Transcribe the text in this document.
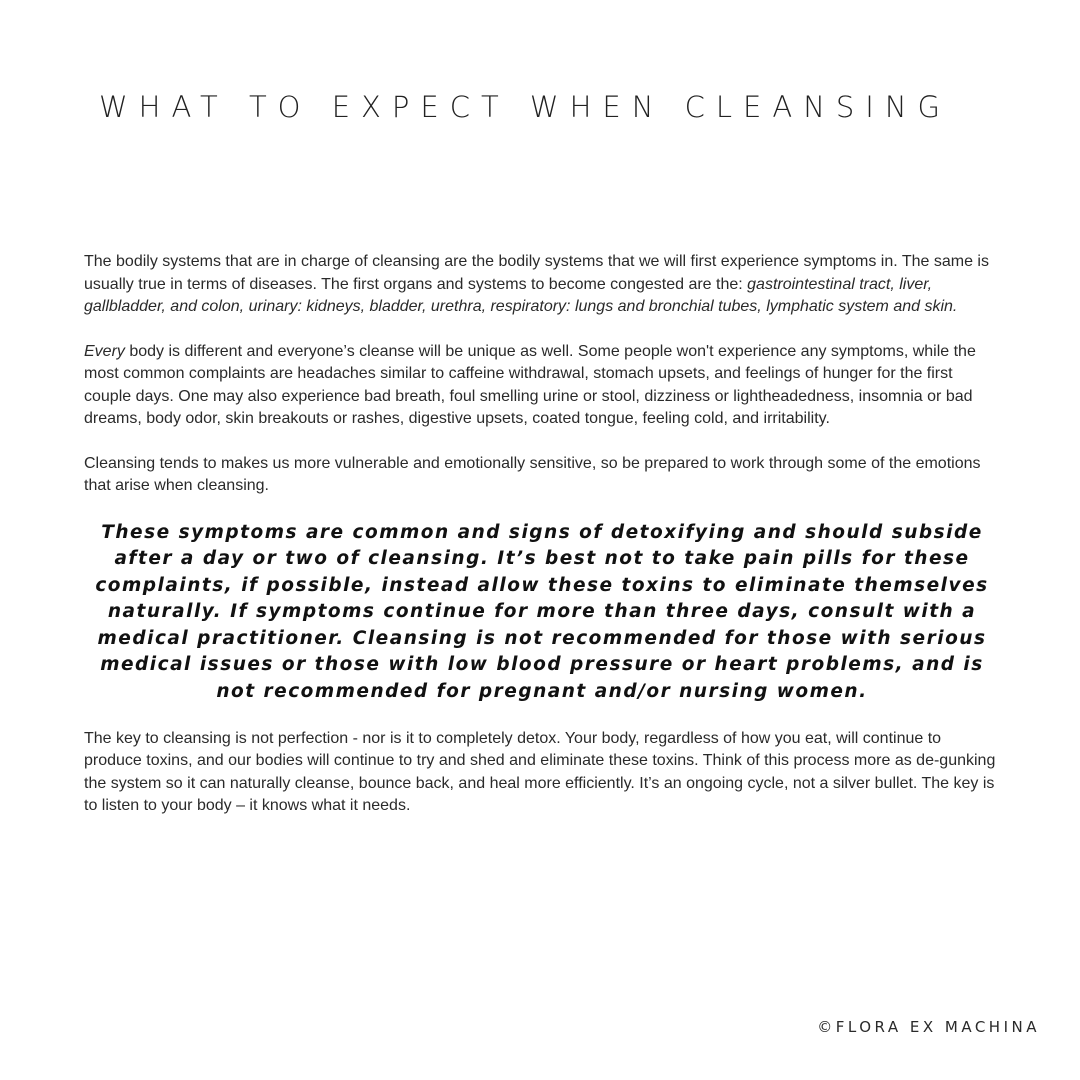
WHAT TO EXPECT WHEN CLEANSING

The bodily systems that are in charge of cleansing are the bodily systems that we will first experience symptoms in. The same is usually true in terms of diseases. The first organs and systems to become congested are the: gastrointestinal tract, liver, gallbladder, and colon, urinary: kidneys, bladder, urethra, respiratory: lungs and bronchial tubes, lymphatic system and skin.

Every body is different and everyone’s cleanse will be unique as well. Some people won't experience any symptoms, while the most common complaints are headaches similar to caffeine withdrawal, stomach upsets, and feelings of hunger for the first couple days. One may also experience bad breath, foul smelling urine or stool, dizziness or lightheadedness, insomnia or bad dreams, body odor, skin breakouts or rashes, digestive upsets, coated tongue, feeling cold, and irritability.

Cleansing tends to makes us more vulnerable and emotionally sensitive, so be prepared to work through some of the emotions that arise when cleansing.

These symptoms are common and signs of detoxifying and should subside after a day or two of cleansing. It’s best not to take pain pills for these complaints, if possible, instead allow these toxins to eliminate themselves naturally. If symptoms continue for more than three days, consult with a medical practitioner. Cleansing is not recommended for those with serious medical issues or those with low blood pressure or heart problems, and is not recommended for pregnant and/or nursing women.

The key to cleansing is not perfection - nor is it to completely detox. Your body, regardless of how you eat, will continue to produce toxins, and our bodies will continue to try and shed and eliminate these toxins. Think of this process more as de-gunking the system so it can naturally cleanse, bounce back, and heal more efficiently. It’s an ongoing cycle, not a silver bullet. The key is to listen to your body – it knows what it needs.

©FLORA EX MACHINA
